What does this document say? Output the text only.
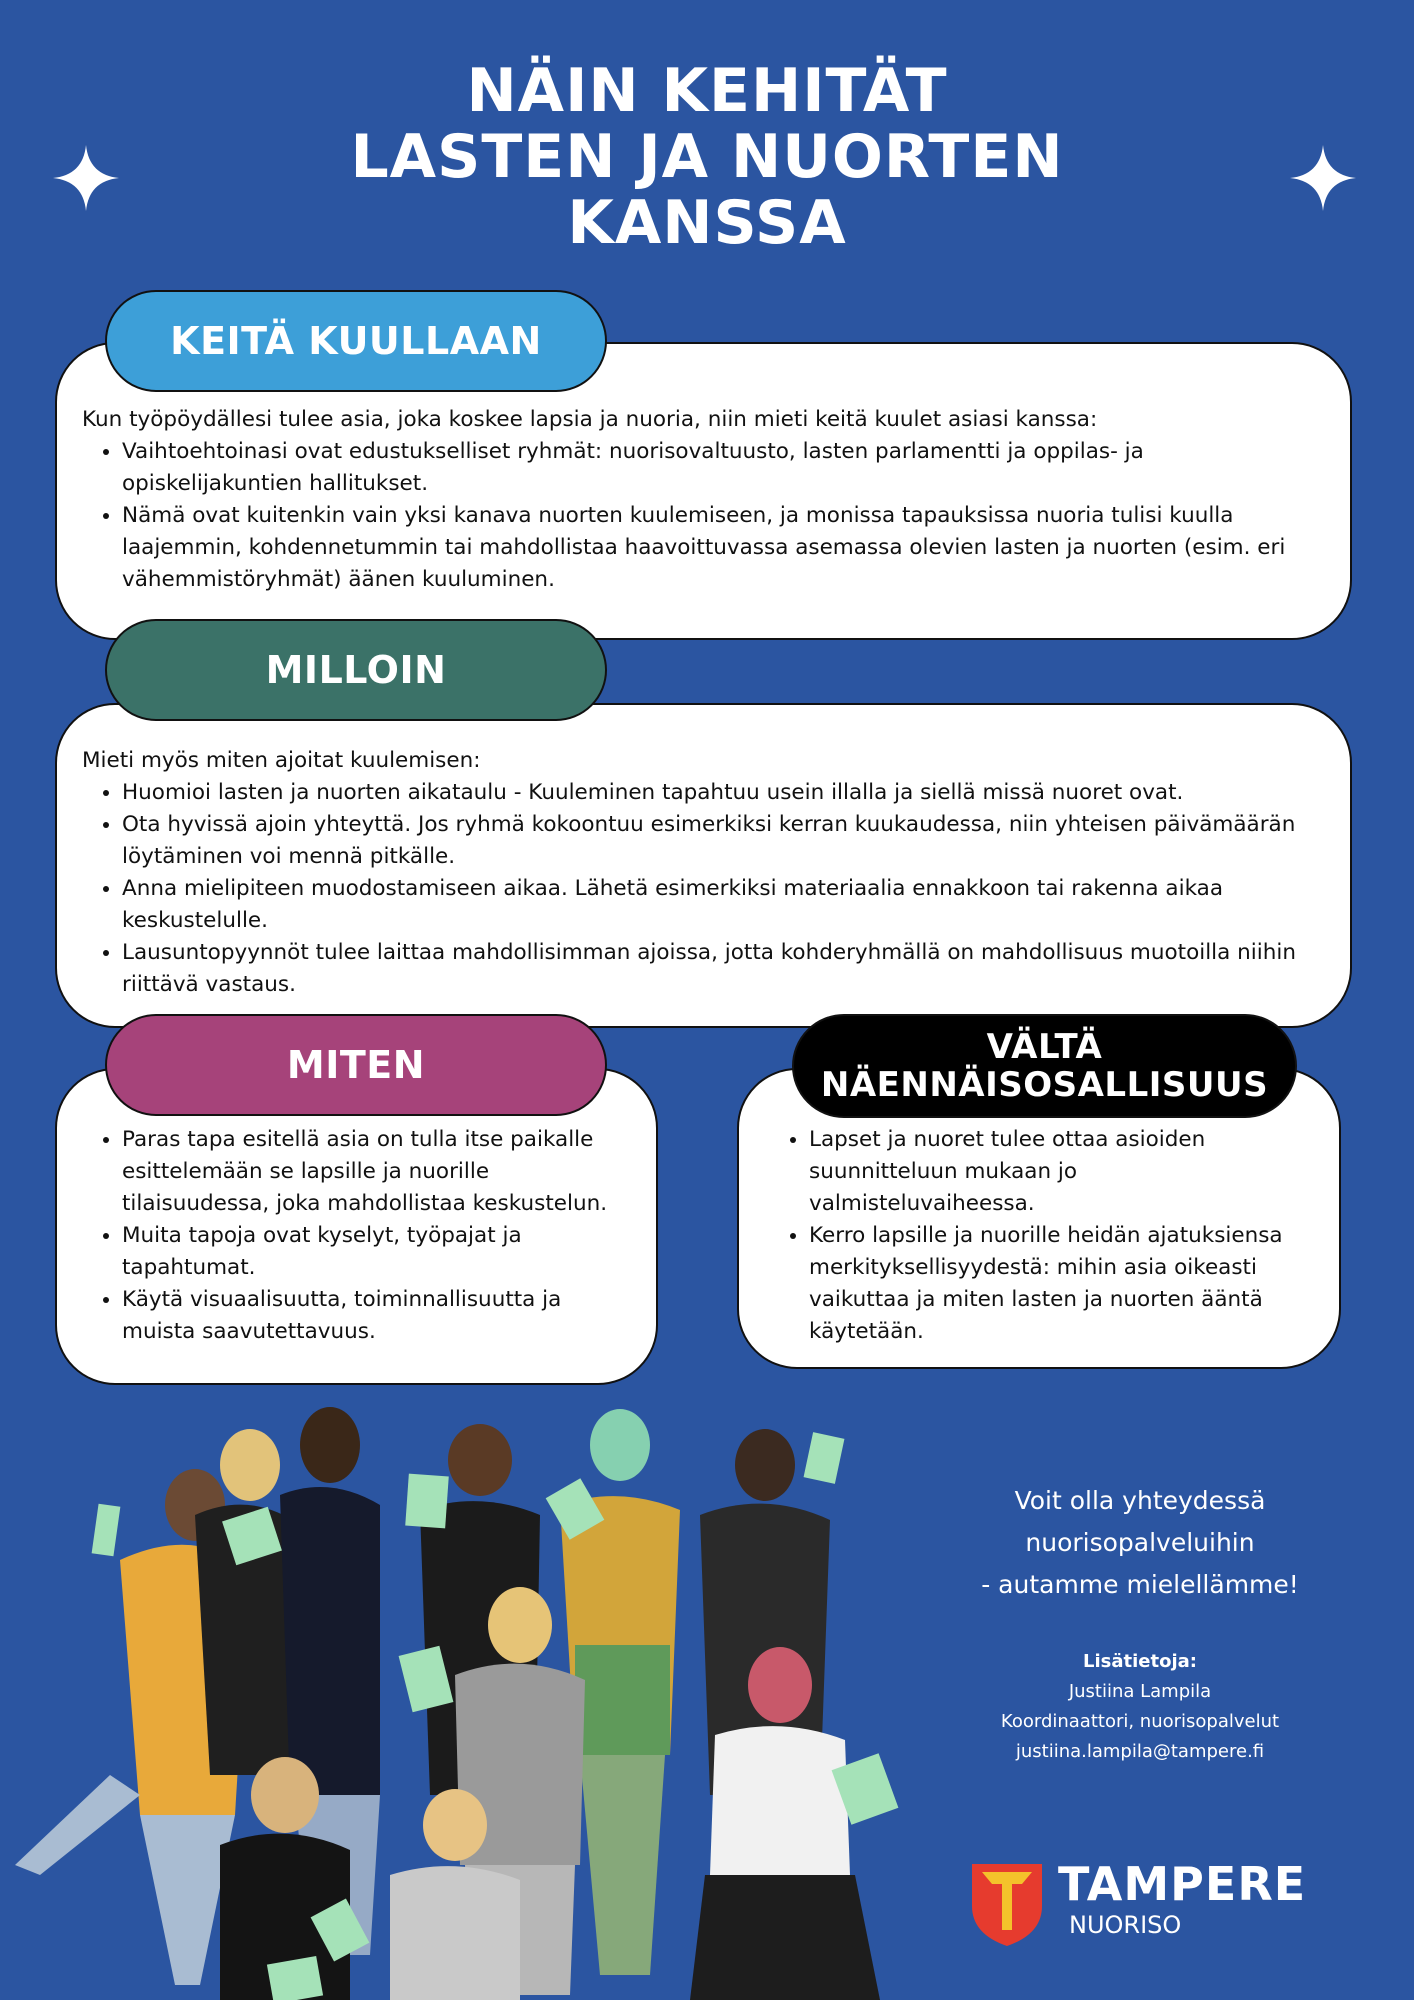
NÄIN KEHITÄT
LASTEN JA NUORTEN
KANSSA

Kun työpöydällesi tulee asia, joka koskee lapsia ja nuoria, niin mieti keitä kuulet asiasi kanssa:

• Vaihtoehtoinasi ovat edustukselliset ryhmät: nuorisovaltuusto, lasten parlamentti ja oppilas- ja opiskelijakuntien hallitukset.
• Nämä ovat kuitenkin vain yksi kanava nuorten kuulemiseen, ja monissa tapauksissa nuoria tulisi kuulla laajemmin, kohdennetummin tai mahdollistaa haavoittuvassa asemassa olevien lasten ja nuorten (esim. eri vähemmistöryhmät) äänen kuuluminen.
KEITÄ KUULLAAN

Mieti myös miten ajoitat kuulemisen:

• Huomioi lasten ja nuorten aikataulu - Kuuleminen tapahtuu usein illalla ja siellä missä nuoret ovat.
• Ota hyvissä ajoin yhteyttä. Jos ryhmä kokoontuu esimerkiksi kerran kuukaudessa, niin yhteisen päivämäärän löytäminen voi mennä pitkälle.
• Anna mielipiteen muodostamiseen aikaa. Lähetä esimerkiksi materiaalia ennakkoon tai rakenna aikaa keskustelulle.
• Lausuntopyynnöt tulee laittaa mahdollisimman ajoissa, jotta kohderyhmällä on mahdollisuus muotoilla niihin riittävä vastaus.
MILLOIN
• Paras tapa esitellä asia on tulla itse paikalle esittelemään se lapsille ja nuorille tilaisuudessa, joka mahdollistaa keskustelun.
• Muita tapoja ovat kyselyt, työpajat ja tapahtumat.
• Käytä visuaalisuutta, toiminnallisuutta ja muista saavutettavuus.
MITEN
• Lapset ja nuoret tulee ottaa asioiden suunnitteluun mukaan jo valmisteluvaiheessa.
• Kerro lapsille ja nuorille heidän ajatuksiensa merkityksellisyydestä: mihin asia oikeasti vaikuttaa ja miten lasten ja nuorten ääntä käytetään.
VÄLTÄ
NÄENNÄISOSALLISUUS
Voit olla yhteydessä
nuorisopalveluihin
- autamme mielellämme!
Lisätietoja:
Justiina Lampila
Koordinaattori, nuorisopalvelut
justiina.lampila@tampere.fi
TAMPERE
NUORISO
